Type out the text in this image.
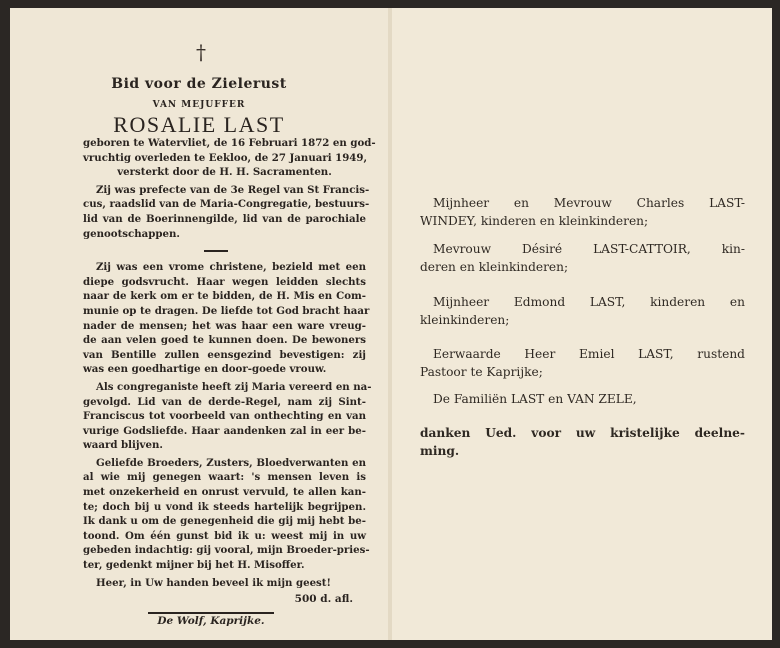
†
Bid voor de Zielerust
VAN MEJUFFER
ROSALIE LAST
geboren te Watervliet, de 16 Februari 1872 en god-
vruchtig overleden te Eekloo, de 27 Januari 1949,
versterkt door de H. H. Sacramenten.
Zij was prefecte van de 3e Regel van St Francis-
cus, raadslid van de Maria-Congregatie, bestuurs-
lid van de Boerinnengilde, lid van de parochiale
genootschappen.
Zij was een vrome christene, bezield met een
diepe godsvrucht. Haar wegen leidden slechts
naar de kerk om er te bidden, de H. Mis en Com-
munie op te dragen. De liefde tot God bracht haar
nader de mensen; het was haar een ware vreug-
de aan velen goed te kunnen doen. De bewoners
van Bentille zullen eensgezind bevestigen: zij
was een goedhartige en door-goede vrouw.
Als congreganiste heeft zij Maria vereerd en na-
gevolgd. Lid van de derde-Regel, nam zij Sint-
Franciscus tot voorbeeld van onthechting en van
vurige Godsliefde. Haar aandenken zal in eer be-
waard blijven.
Geliefde Broeders, Zusters, Bloedverwanten en
al wie mij genegen waart: 's mensen leven is
met onzekerheid en onrust vervuld, te allen kan-
te; doch bij u vond ik steeds hartelijk begrijpen.
Ik dank u om de genegenheid die gij mij hebt be-
toond. Om één gunst bid ik u: weest mij in uw
gebeden indachtig: gij vooral, mijn Broeder-pries-
ter, gedenkt mijner bij het H. Misoffer.
Heer, in Uw handen beveel ik mijn geest!
500 d. afl.
De Wolf, Kaprijke.
Mijnheer en Mevrouw Charles LAST-
WINDEY, kinderen en kleinkinderen;
Mevrouw Désiré LAST-CATTOIR, kin-
deren en kleinkinderen;
Mijnheer Edmond LAST, kinderen en
kleinkinderen;
Eerwaarde Heer Emiel LAST, rustend
Pastoor te Kaprijke;
De Familiën LAST en VAN ZELE,
danken Ued. voor uw kristelijke deelne-
ming.
